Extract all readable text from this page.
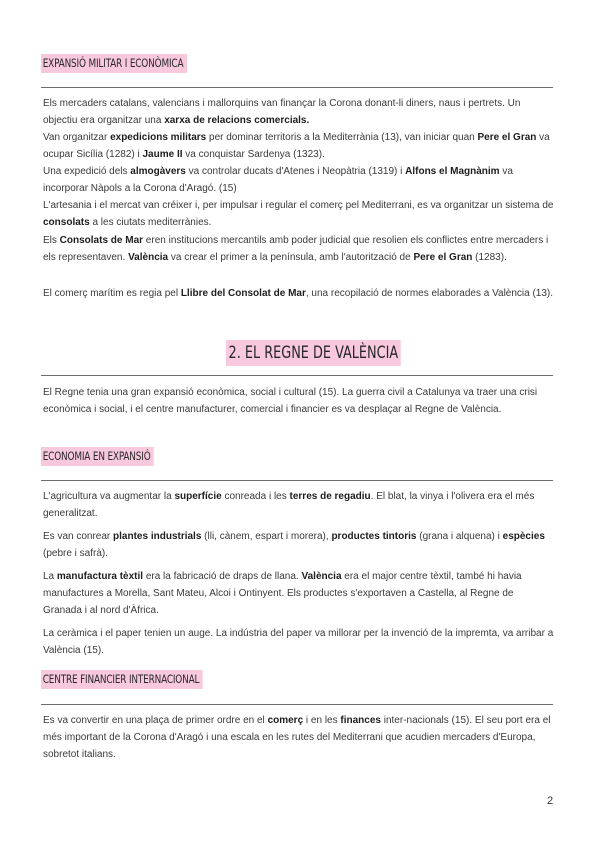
EXPANSIÓ MILITAR I ECONÒMICA
Els mercaders catalans, valencians i mallorquins van finançar la Corona donant-li diners, naus i pertrets. Un objectiu era organitzar una xarxa de relacions comercials.
Van organitzar expedicions militars per dominar territoris a la Mediterrània (13), van iniciar quan Pere el Gran va ocupar Sicília (1282) i Jaume II va conquistar Sardenya (1323).
Una expedició dels almogàvers va controlar ducats d'Atenes i Neopàtria (1319) i Alfons el Magnànim va incorporar Nàpols a la Corona d'Aragó. (15)
L'artesania i el mercat van créixer i, per impulsar i regular el comerç pel Mediterrani, es va organitzar un sistema de consolats a les ciutats mediterrànies.
Els Consolats de Mar eren institucions mercantils amb poder judicial que resolien els conflictes entre mercaders i els representaven. València va crear el primer a la península, amb l'autorització de Pere el Gran (1283).
El comerç marítim es regia pel Llibre del Consolat de Mar, una recopilació de normes elaborades a València (13).
2. EL REGNE DE VALÈNCIA
El Regne tenia una gran expansió econòmica, social i cultural (15). La guerra civil a Catalunya va traer una crisi econòmica i social, i el centre manufacturer, comercial i financier es va desplaçar al Regne de València.
ECONOMIA EN EXPANSIÓ
L'agricultura va augmentar la superfície conreada i les terres de regadiu. El blat, la vinya i l'olivera era el més generalitzat.
Es van conrear plantes industrials (lli, cànem, espart i morera), productes tintoris (grana i alquena) i espècies (pebre i safrà).
La manufactura tèxtil era la fabricació de draps de llana. València era el major centre tèxtil, també hi havia manufactures a Morella, Sant Mateu, Alcoi i Ontinyent. Els productes s'exportaven a Castella, al Regne de Granada i al nord d'Àfrica.
La ceràmica i el paper tenien un auge. La indústria del paper va millorar per la invenció de la impremta, va arribar a València (15).
CENTRE FINANCIER INTERNACIONAL
Es va convertir en una plaça de primer ordre en el comerç i en les finances inter-nacionals (15). El seu port era el més important de la Corona d'Aragó i una escala en les rutes del Mediterrani que acudien mercaders d'Europa, sobretot italians.
2
